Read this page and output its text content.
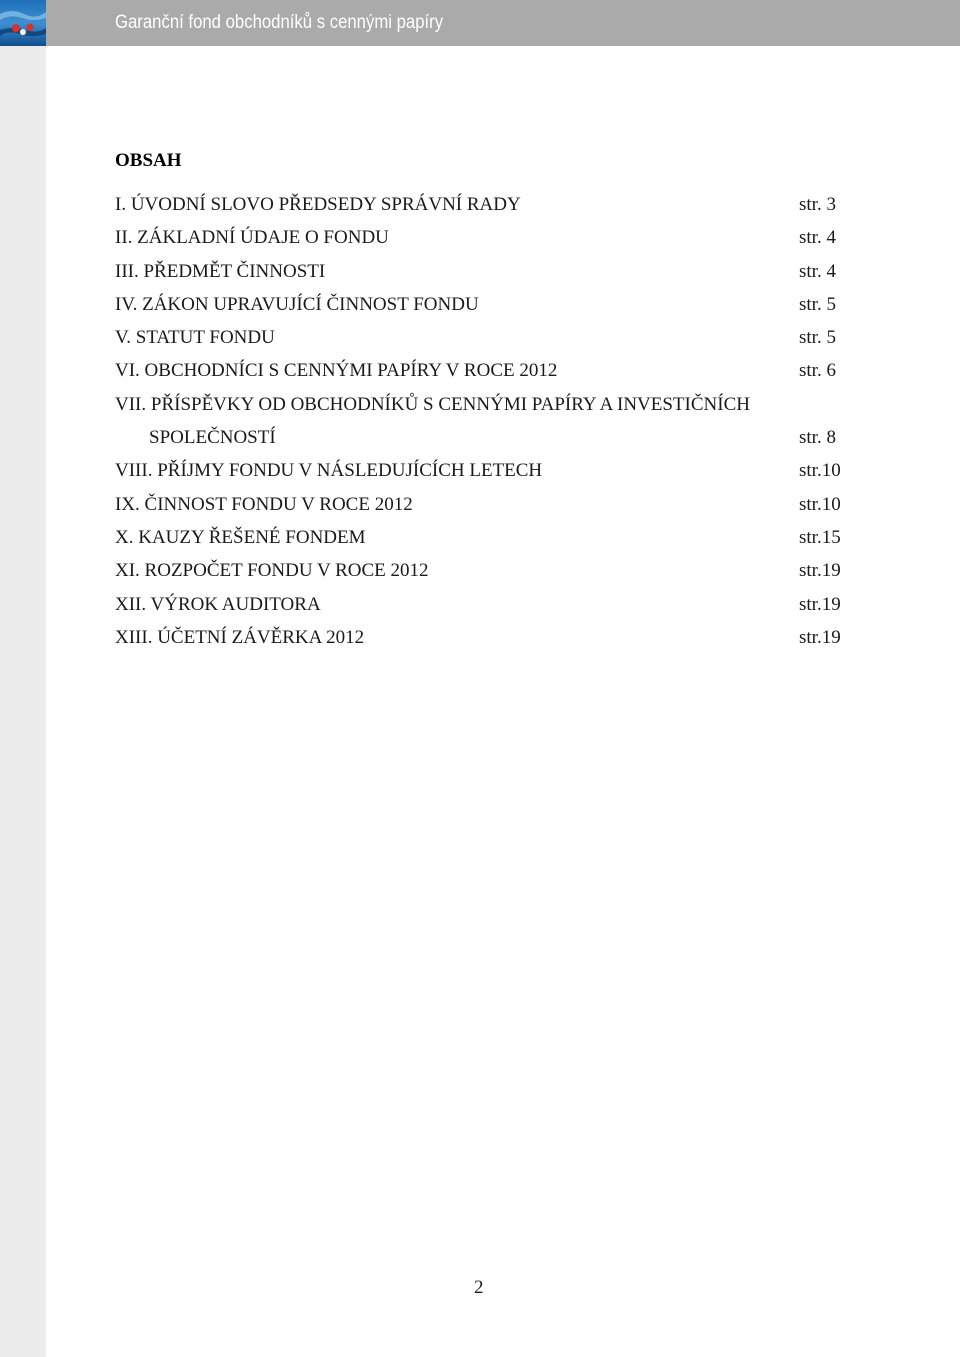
Garanční fond obchodníků s cennými papíry
OBSAH
I. ÚVODNÍ SLOVO PŘEDSEDY SPRÁVNÍ RADY	str. 3
II. ZÁKLADNÍ ÚDAJE O FONDU	str. 4
III. PŘEDMĚT ČINNOSTI	str. 4
IV. ZÁKON UPRAVUJÍCÍ ČINNOST FONDU	str. 5
V. STATUT FONDU	str. 5
VI. OBCHODNÍCI S CENNÝMI PAPÍRY V ROCE 2012	str. 6
VII. PŘÍSPĚVKY OD OBCHODNÍKŮ S CENNÝMI PAPÍRY A INVESTIČNÍCH
SPOLEČNOSTÍ	str. 8
VIII. PŘÍJMY FONDU V NÁSLEDUJÍCÍCH LETECH	str.10
IX. ČINNOST FONDU V ROCE 2012	str.10
X. KAUZY ŘEŠENÉ FONDEM	str.15
XI. ROZPOČET FONDU V ROCE 2012	str.19
XII. VÝROK AUDITORA	str.19
XIII. ÚČETNÍ ZÁVĚRKA 2012	str.19
2
